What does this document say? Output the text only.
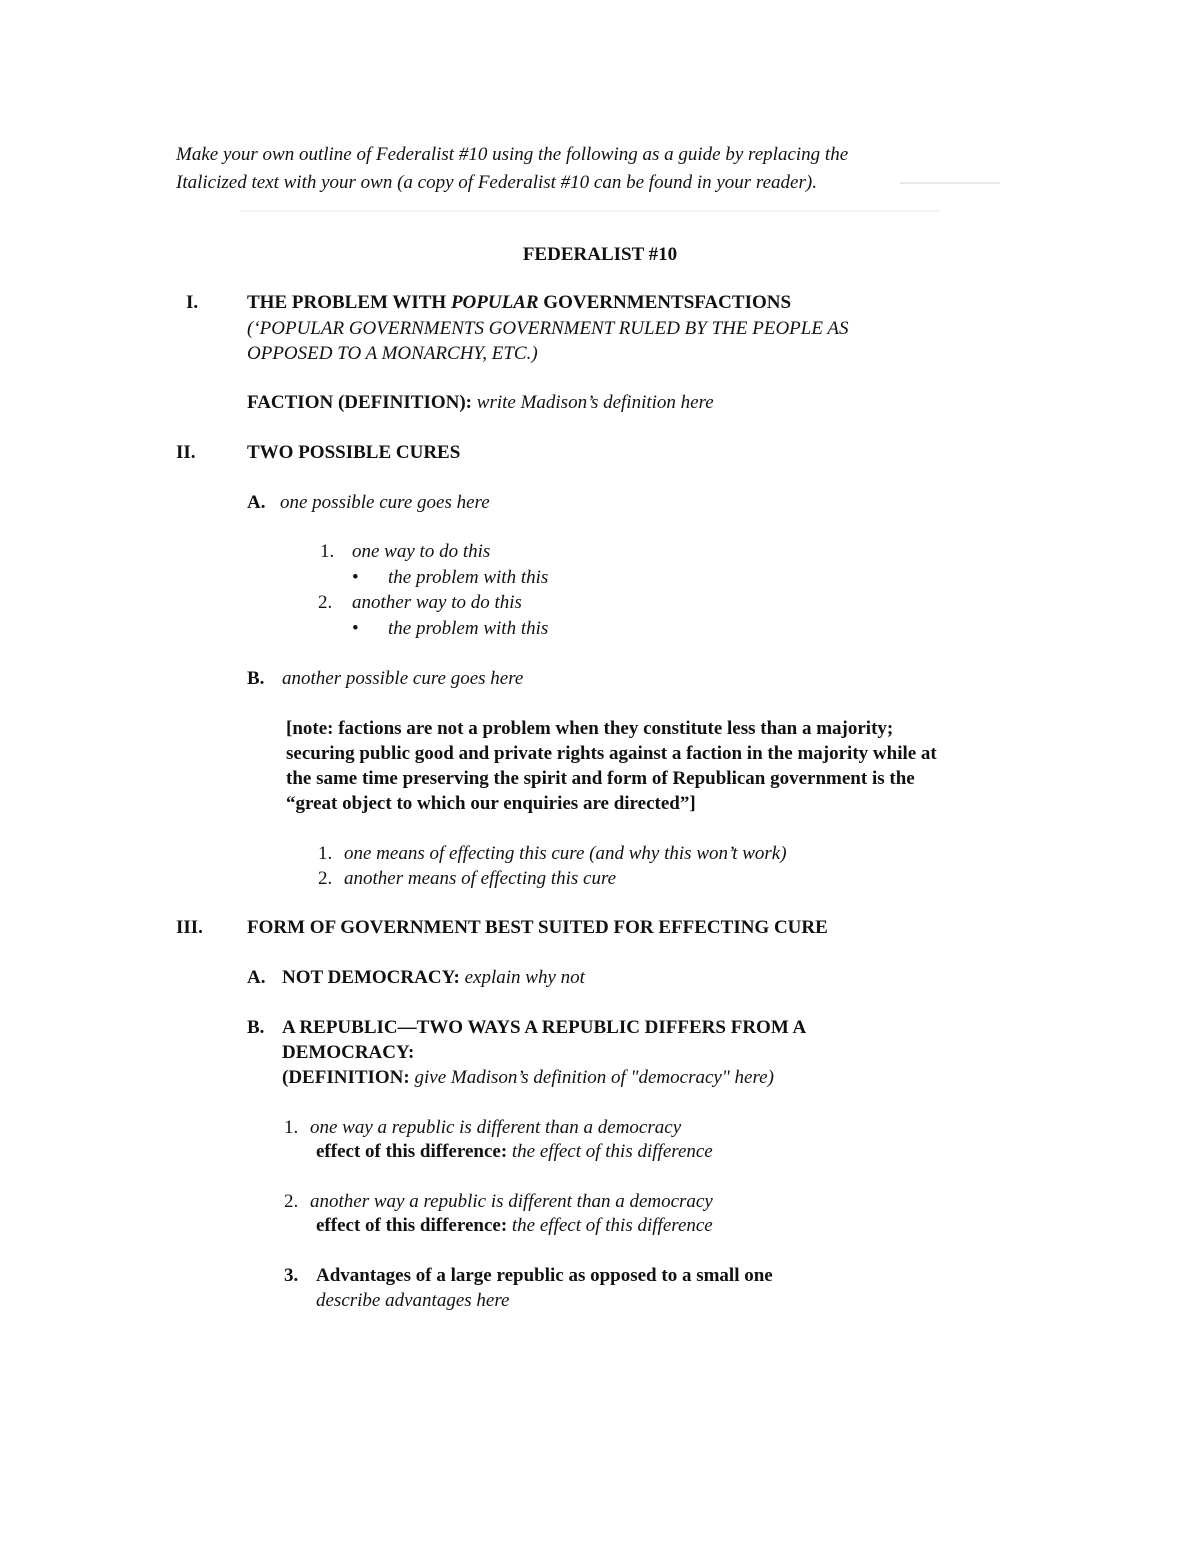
Make your own outline of Federalist #10 using the following as a guide by replacing the
Italicized text with your own (a copy of Federalist #10 can be found in your reader).
FEDERALIST #10
I.	THE PROBLEM WITH POPULAR GOVERNMENTSFACTIONS
(‘POPULAR GOVERNMENTS GOVERNMENT RULED BY THE PEOPLE AS
OPPOSED TO A MONARCHY, ETC.)
FACTION (DEFINITION): write Madison’s definition here
II.	TWO POSSIBLE CURES
A. one possible cure goes here
1. one way to do this
• the problem with this
2. another way to do this
• the problem with this
B. another possible cure goes here
[note: factions are not a problem when they constitute less than a majority;
securing public good and private rights against a faction in the majority while at
the same time preserving the spirit and form of Republican government is the
“great object to which our enquiries are directed”]
1. one means of effecting this cure (and why this won’t work)
2. another means of effecting this cure
III. FORM OF GOVERNMENT BEST SUITED FOR EFFECTING CURE
A. NOT DEMOCRACY: explain why not
B. A REPUBLIC—TWO WAYS A REPUBLIC DIFFERS FROM A
DEMOCRACY:
(DEFINITION: give Madison’s definition of "democracy" here)
1. one way a republic is different than a democracy
effect of this difference: the effect of this difference
2. another way a republic is different than a democracy
effect of this difference: the effect of this difference
3. Advantages of a large republic as opposed to a small one
describe advantages here
